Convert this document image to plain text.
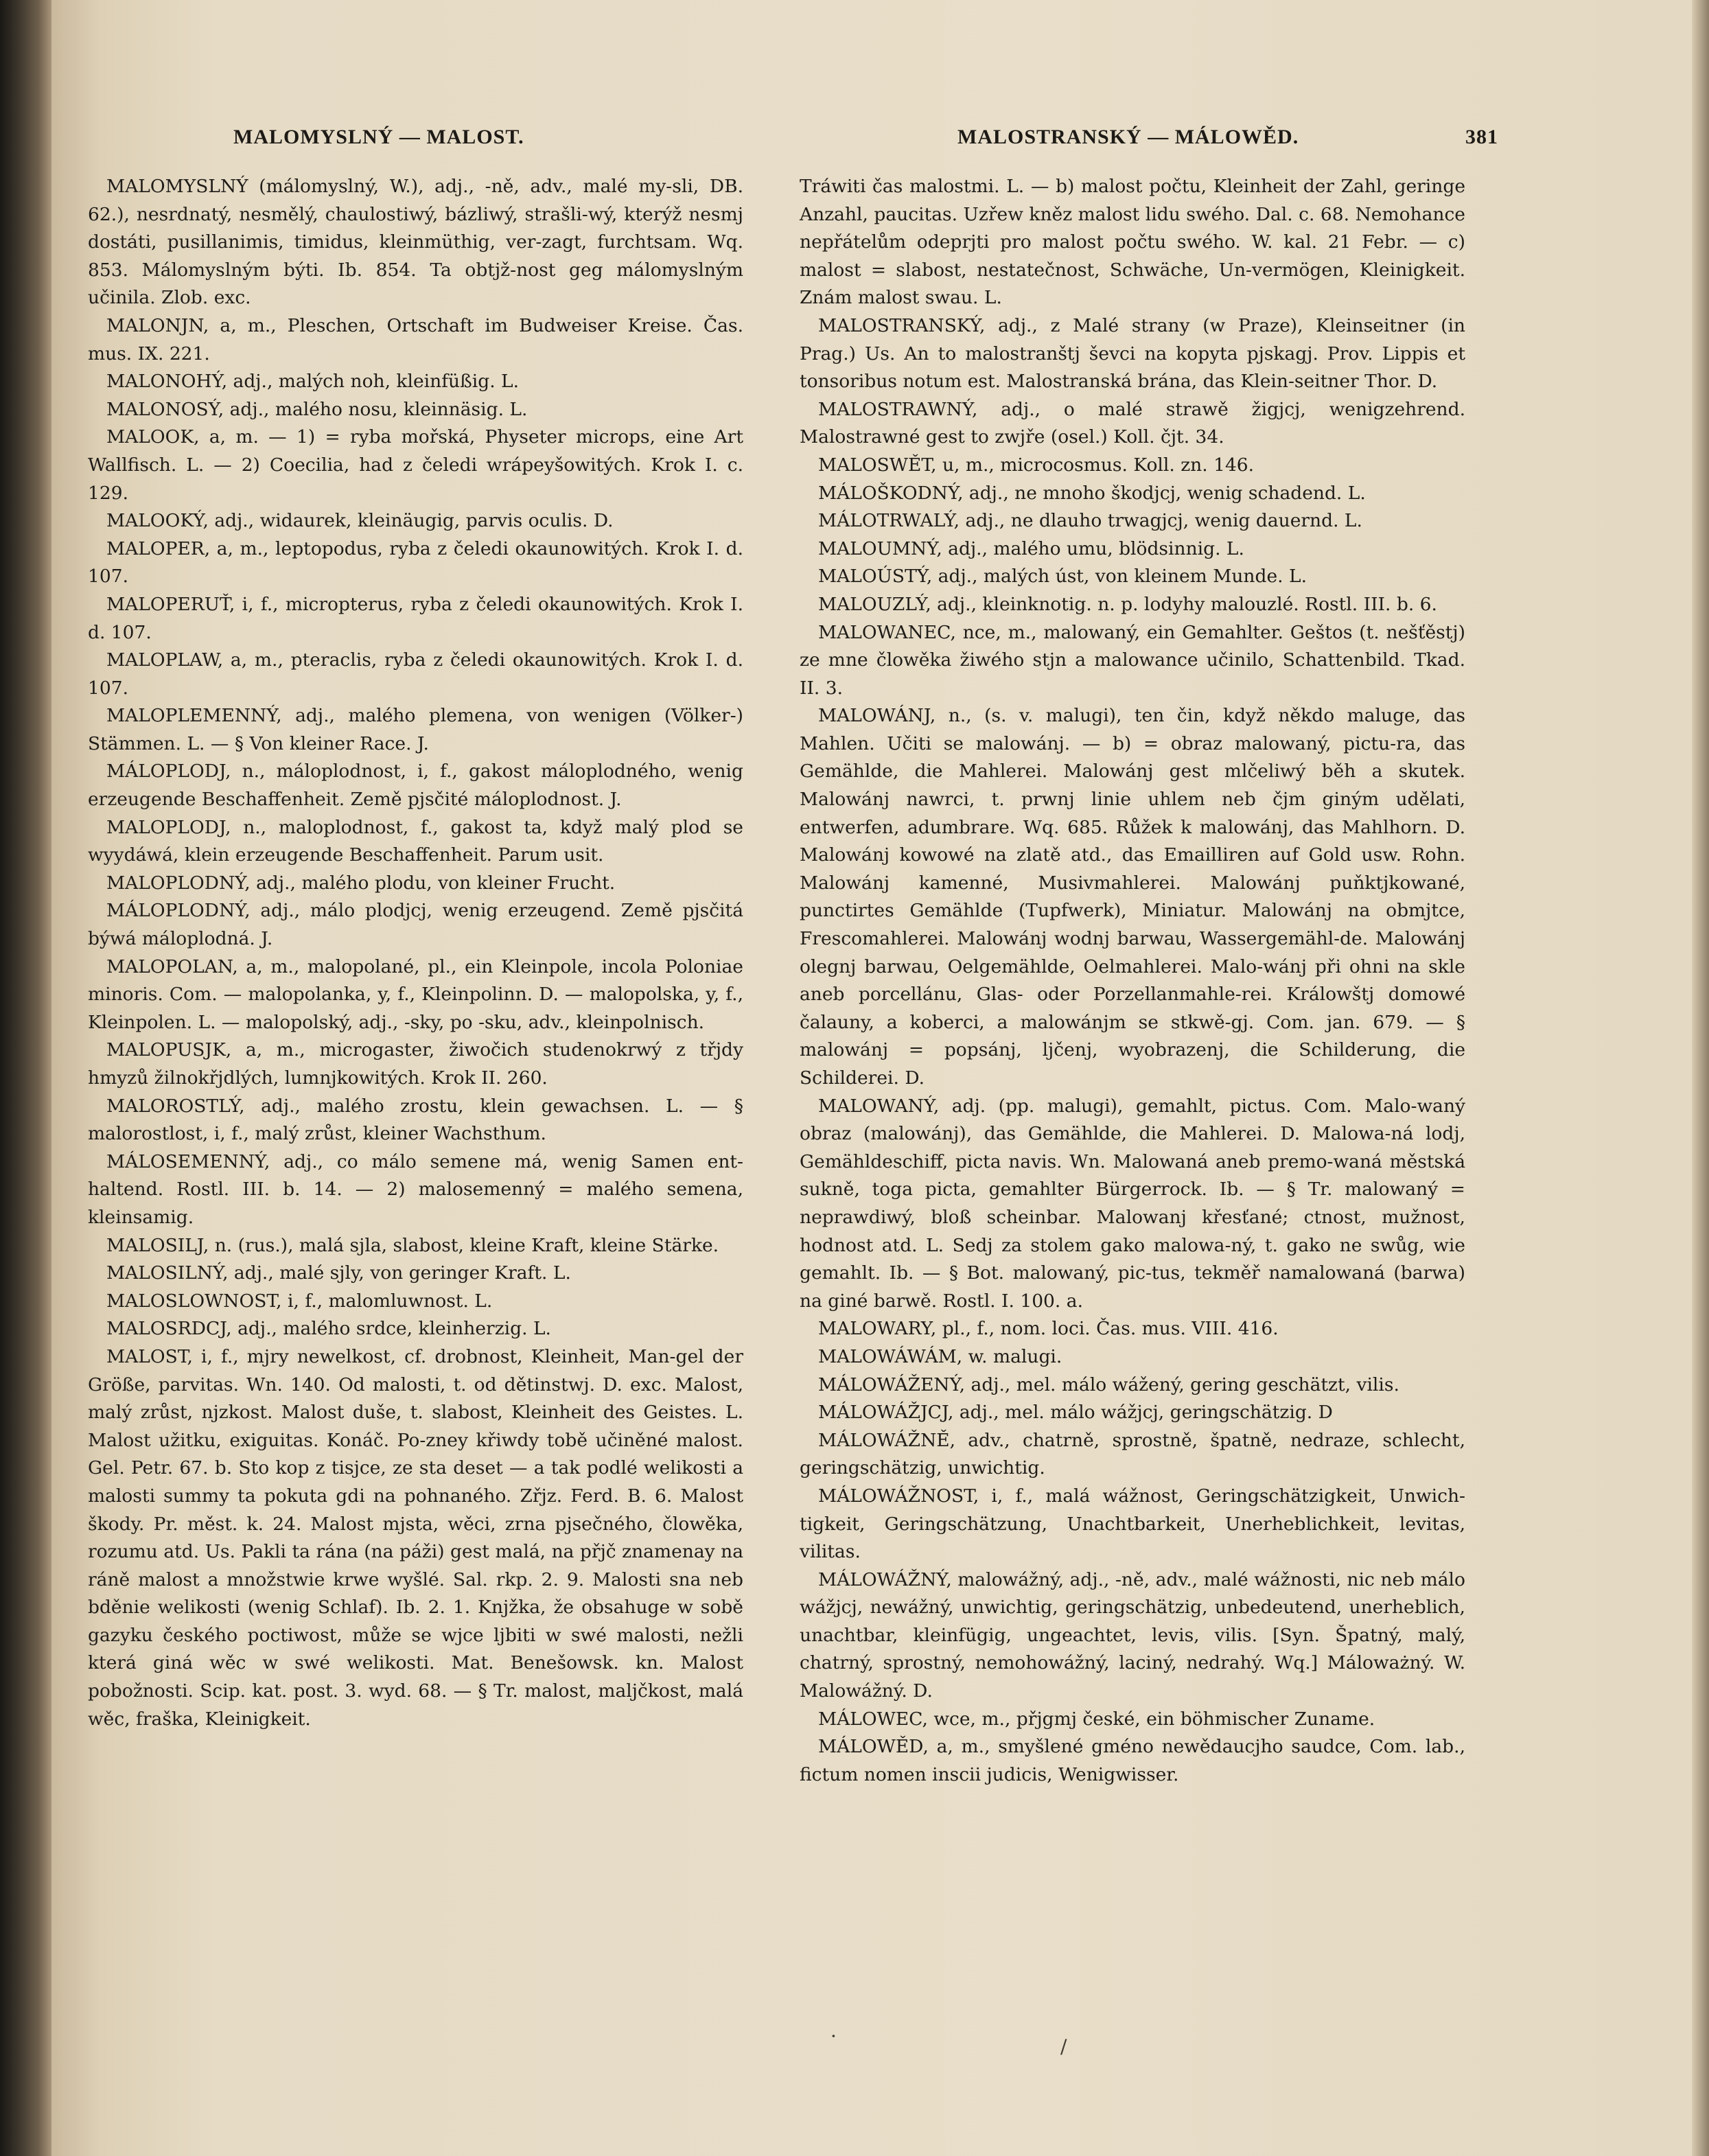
MALOMYSLNÝ — MALOST.	MALOSTRANSKÝ — MÁLOWĚD.	381

MALOMYSLNÝ (málomyslný, W.), adj., -ně, adv., malé my-sli, DB. 62.), nesrdnatý, nesmělý, chaulostiwý, bázliwý, strašli-wý, kterýž nesmj dostáti, pusillanimis, timidus, kleinmüthig, ver-zagt, furchtsam. Wq. 853. Málomyslným býti. Ib. 854. Ta obtjž-nost geg málomyslným učinila. Zlob. exc.

MALONJN, a, m., Pleschen, Ortschaft im Budweiser Kreise. Čas. mus. IX. 221.

MALONOHÝ, adj., malých noh, kleinfüßig. L.

MALONOSÝ, adj., malého nosu, kleinnäsig. L.

MALOOK, a, m. — 1) = ryba mořská, Physeter microps, eine Art Wallfisch. L. — 2) Coecilia, had z čeledi wrápeyšowitých. Krok I. c. 129.

MALOOKÝ, adj., widaurek, kleinäugig, parvis oculis. D.

MALOPER, a, m., leptopodus, ryba z čeledi okaunowitých. Krok I. d. 107.

MALOPERUŤ, i, f., micropterus, ryba z čeledi okaunowitých. Krok I. d. 107.

MALOPLAW, a, m., pteraclis, ryba z čeledi okaunowitých. Krok I. d. 107.

MALOPLEMENNÝ, adj., malého plemena, von wenigen (Völker-) Stämmen. L. — § Von kleiner Race. J.

MÁLOPLODJ, n., máloplodnost, i, f., gakost máloplodného, wenig erzeugende Beschaffenheit. Země pjsčité máloplodnost. J.

MALOPLODJ, n., maloplodnost, f., gakost ta, když malý plod se wyydáwá, klein erzeugende Beschaffenheit. Parum usit.

MALOPLODNÝ, adj., malého plodu, von kleiner Frucht.

MÁLOPLODNÝ, adj., málo plodjcj, wenig erzeugend. Země pjsčitá býwá máloplodná. J.

MALOPOLAN, a, m., malopolané, pl., ein Kleinpole, incola Poloniae minoris. Com. — malopolanka, y, f., Kleinpolinn. D. — malopolska, y, f., Kleinpolen. L. — malopolský, adj., -sky, po -sku, adv., kleinpolnisch.

MALOPUSJK, a, m., microgaster, žiwočich studenokrwý z třjdy hmyzů žilnokřjdlých, lumnjkowitých. Krok II. 260.

MALOROSTLÝ, adj., malého zrostu, klein gewachsen. L. — § malorostlost, i, f., malý zrůst, kleiner Wachsthum.

MÁLOSEMENNÝ, adj., co málo semene má, wenig Samen ent-haltend. Rostl. III. b. 14. — 2) malosemenný = malého semena, kleinsamig.

MALOSILJ, n. (rus.), malá sjla, slabost, kleine Kraft, kleine Stärke.

MALOSILNÝ, adj., malé sjly, von geringer Kraft. L.

MALOSLOWNOST, i, f., malomluwnost. L.

MALOSRDCJ, adj., malého srdce, kleinherzig. L.

MALOST, i, f., mjry newelkost, cf. drobnost, Kleinheit, Man-gel der Größe, parvitas. Wn. 140. Od malosti, t. od dětinstwj. D. exc. Malost, malý zrůst, njzkost. Malost duše, t. slabost, Kleinheit des Geistes. L. Malost užitku, exiguitas. Konáč. Po-zney křiwdy tobě učiněné malost. Gel. Petr. 67. b. Sto kop z tisjce, ze sta deset — a tak podlé welikosti a malosti summy ta pokuta gdi na pohnaného. Zřjz. Ferd. B. 6. Malost škody. Pr. měst. k. 24. Malost mjsta, wěci, zrna pjsečného, člowěka, rozumu atd. Us. Pakli ta rána (na páži) gest malá, na přjč znamenay na ráně malost a množstwie krwe wyšlé. Sal. rkp. 2. 9. Malosti sna neb bděnie welikosti (wenig Schlaf). Ib. 2. 1. Knjžka, že obsahuge w sobě gazyku českého poctiwost, může se wjce ljbiti w swé malosti, nežli která giná wěc w swé welikosti. Mat. Benešowsk. kn. Malost pobožnosti. Scip. kat. post. 3. wyd. 68. — § Tr. malost, maljčkost, malá wěc, fraška, Kleinigkeit.

Tráwiti čas malostmi. L. — b) malost počtu, Kleinheit der Zahl, geringe Anzahl, paucitas. Uzřew kněz malost lidu swého. Dal. c. 68. Nemohance nepřátelům odeprjti pro malost počtu swého. W. kal. 21 Febr. — c) malost = slabost, nestatečnost, Schwäche, Un-vermögen, Kleinigkeit. Znám malost swau. L.

MALOSTRANSKÝ, adj., z Malé strany (w Praze), Kleinseitner (in Prag.) Us. An to malostranštj ševci na kopyta pjskagj. Prov. Lippis et tonsoribus notum est. Malostranská brána, das Klein-seitner Thor. D.

MALOSTRAWNÝ, adj., o malé strawě žigjcj, wenigzehrend. Malostrawné gest to zwjře (osel.) Koll. čjt. 34.

MALOSWĚT, u, m., microcosmus. Koll. zn. 146.

MÁLOŠKODNÝ, adj., ne mnoho škodjcj, wenig schadend. L.

MÁLOTRWALÝ, adj., ne dlauho trwagjcj, wenig dauernd. L.

MALOUMNÝ, adj., malého umu, blödsinnig. L.

MALOÚSTÝ, adj., malých úst, von kleinem Munde. L.

MALOUZLÝ, adj., kleinknotig. n. p. lodyhy malouzlé. Rostl. III. b. 6.

MALOWANEC, nce, m., malowaný, ein Gemahlter. Geštos (t. nešťěstj) ze mne člowěka žiwého stjn a malowance učinilo, Schattenbild. Tkad. II. 3.

MALOWÁNJ, n., (s. v. malugi), ten čin, když někdo maluge, das Mahlen. Učiti se malowánj. — b) = obraz malowaný, pictu-ra, das Gemählde, die Mahlerei. Malowánj gest mlčeliwý běh a skutek. Malowánj nawrci, t. prwnj linie uhlem neb čjm giným udělati, entwerfen, adumbrare. Wq. 685. Růžek k malowánj, das Mahlhorn. D. Malowánj kowowé na zlatě atd., das Emailliren auf Gold usw. Rohn. Malowánj kamenné, Musivmahlerei. Malowánj puňktjkowané, punctirtes Gemählde (Tupfwerk), Miniatur. Malowánj na obmjtce, Frescomahlerei. Malowánj wodnj barwau, Wassergemähl-de. Malowánj olegnj barwau, Oelgemählde, Oelmahlerei. Malo-wánj při ohni na skle aneb porcellánu, Glas- oder Porzellanmahle-rei. Králowštj domowé čalauny, a koberci, a malowánjm se stkwě-gj. Com. jan. 679. — § malowánj = popsánj, ljčenj, wyobrazenj, die Schilderung, die Schilderei. D.

MALOWANÝ, adj. (pp. malugi), gemahlt, pictus. Com. Malo-waný obraz (malowánj), das Gemählde, die Mahlerei. D. Malowa-ná lodj, Gemähldeschiff, picta navis. Wn. Malowaná aneb premo-waná městská sukně, toga picta, gemahlter Bürgerrock. Ib. — § Tr. malowaný = neprawdiwý, bloß scheinbar. Malowanj křesťané; ctnost, mužnost, hodnost atd. L. Sedj za stolem gako malowa-ný, t. gako ne swůg, wie gemahlt. Ib. — § Bot. malowaný, pic-tus, tekměř namalowaná (barwa) na giné barwě. Rostl. I. 100. a.

MALOWARY, pl., f., nom. loci. Čas. mus. VIII. 416.

MALOWÁWÁM, w. malugi.

MÁLOWÁŽENÝ, adj., mel. málo wážený, gering geschätzt, vilis.

MÁLOWÁŽJCJ, adj., mel. málo wážjcj, geringschätzig. D

MÁLOWÁŽNĚ, adv., chatrně, sprostně, špatně, nedraze, schlecht, geringschätzig, unwichtig.

MÁLOWÁŽNOST, i, f., malá wážnost, Geringschätzigkeit, Unwich-tigkeit, Geringschätzung, Unachtbarkeit, Unerheblichkeit, levitas, vilitas.

MÁLOWÁŽNÝ, malowážný, adj., -ně, adv., malé wážnosti, nic neb málo wážjcj, newážný, unwichtig, geringschätzig, unbedeutend, unerheblich, unachtbar, kleinfügig, ungeachtet, levis, vilis. [Syn. Špatný, malý, chatrný, sprostný, nemohowážný, laciný, nedrahý. Wq.] Máloważný. W. Malowážný. D.

MÁLOWEC, wce, m., přjgmj české, ein böhmischer Zuname.

MÁLOWĚD, a, m., smyšlené gméno newědaucjho saudce, Com. lab., fictum nomen inscii judicis, Wenigwisser.

·	/
